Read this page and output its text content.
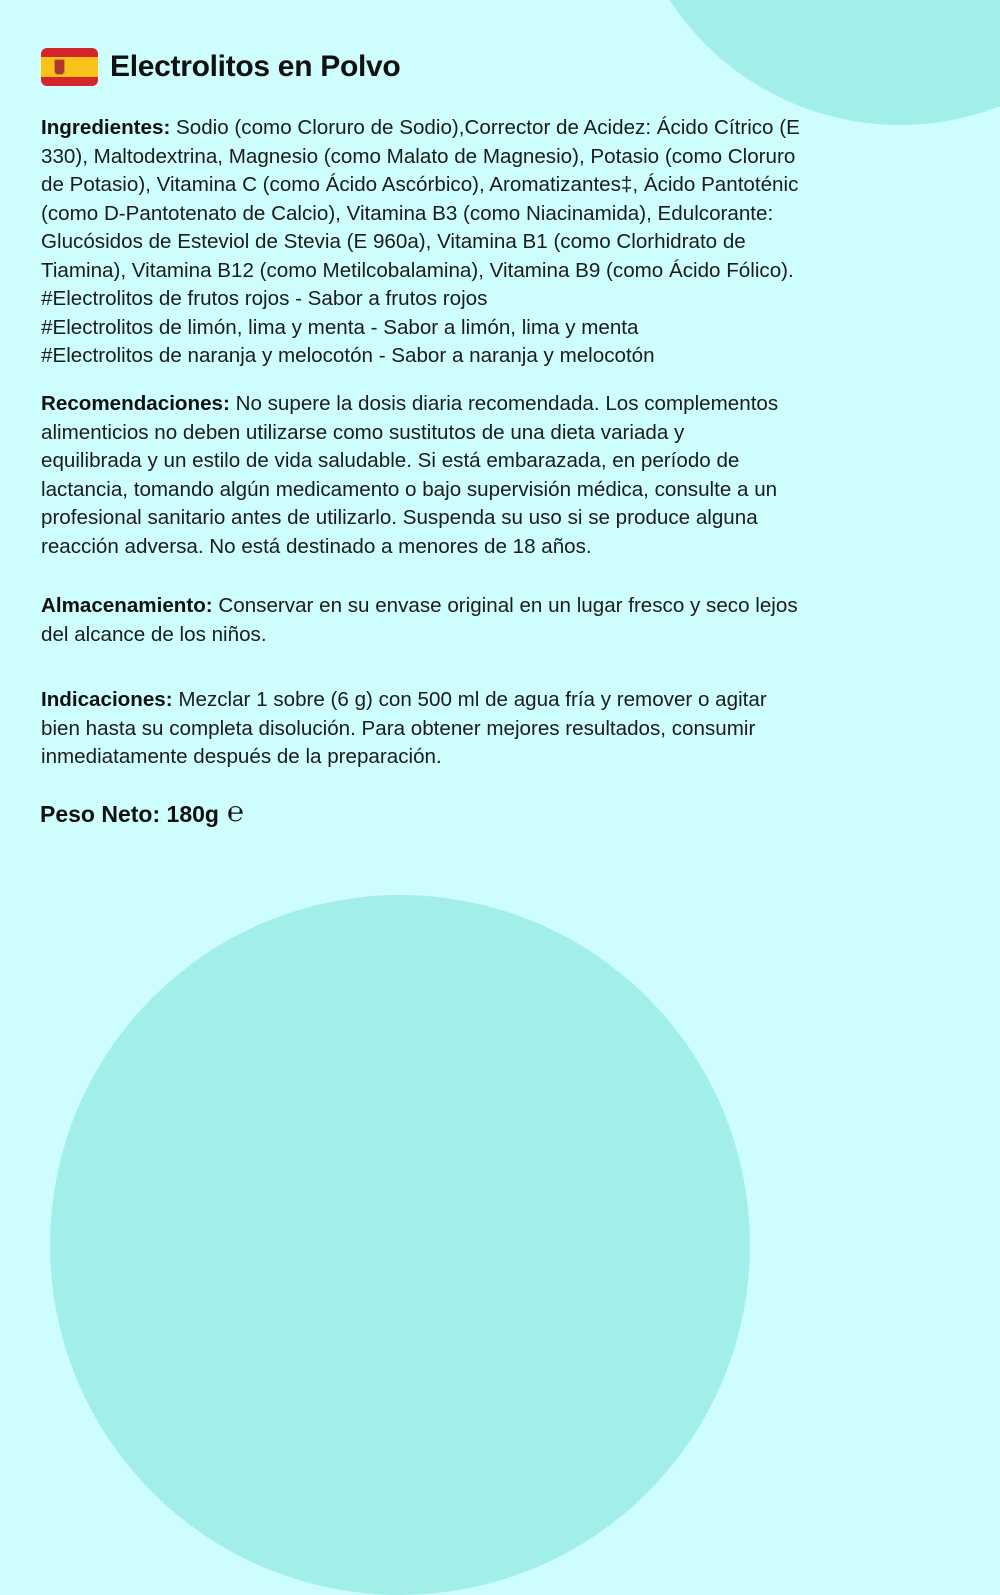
Electrolitos en Polvo
Ingredientes: Sodio (como Cloruro de Sodio),Corrector de Acidez: Ácido Cítrico (E
330), Maltodextrina, Magnesio (como Malato de Magnesio), Potasio (como Cloruro
de Potasio), Vitamina C (como Ácido Ascórbico), Aromatizantes‡, Ácido Pantoténic
(como D-Pantotenato de Calcio), Vitamina B3 (como Niacinamida), Edulcorante:
Glucósidos de Esteviol de Stevia (E 960a), Vitamina B1 (como Clorhidrato de
Tiamina), Vitamina B12 (como Metilcobalamina), Vitamina B9 (como Ácido Fólico).
#Electrolitos de frutos rojos - Sabor a frutos rojos
#Electrolitos de limón, lima y menta - Sabor a limón, lima y menta
#Electrolitos de naranja y melocotón - Sabor a naranja y melocotón
Recomendaciones: No supere la dosis diaria recomendada. Los complementos
alimenticios no deben utilizarse como sustitutos de una dieta variada y
equilibrada y un estilo de vida saludable. Si está embarazada, en período de
lactancia, tomando algún medicamento o bajo supervisión médica, consulte a un
profesional sanitario antes de utilizarlo. Suspenda su uso si se produce alguna
reacción adversa. No está destinado a menores de 18 años.
Almacenamiento: Conservar en su envase original en un lugar fresco y seco lejos
del alcance de los niños.
Indicaciones: Mezclar 1 sobre (6 g) con 500 ml de agua fría y remover o agitar
bien hasta su completa disolución. Para obtener mejores resultados, consumir
inmediatamente después de la preparación.
Peso Neto: 180g ℮
